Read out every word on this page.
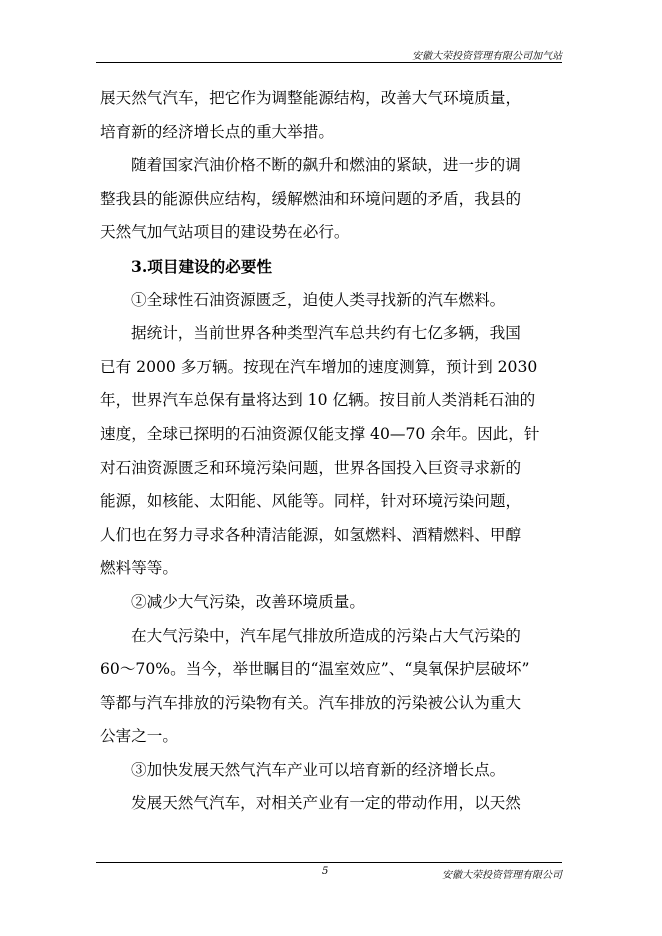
安徽大荣投资管理有限公司加气站
展天然气汽车，把它作为调整能源结构，改善大气环境质量，
培育新的经济增长点的重大举措。
随着国家汽油价格不断的飙升和燃油的紧缺，进一步的调
整我县的能源供应结构，缓解燃油和环境问题的矛盾，我县的
天然气加气站项目的建设势在必行。
3.项目建设的必要性
①全球性石油资源匮乏，迫使人类寻找新的汽车燃料。
据统计，当前世界各种类型汽车总共约有七亿多辆，我国
已有 2000 多万辆。按现在汽车增加的速度测算，预计到 2030
年，世界汽车总保有量将达到 10 亿辆。按目前人类消耗石油的
速度，全球已探明的石油资源仅能支撑 40—70 余年。因此，针
对石油资源匮乏和环境污染问题，世界各国投入巨资寻求新的
能源，如核能、太阳能、风能等。同样，针对环境污染问题，
人们也在努力寻求各种清洁能源，如氢燃料、酒精燃料、甲醇
燃料等等。
②减少大气污染，改善环境质量。
在大气污染中，汽车尾气排放所造成的污染占大气污染的
60～70%。当今，举世瞩目的“温室效应”、“臭氧保护层破坏”
等都与汽车排放的污染物有关。汽车排放的污染被公认为重大
公害之一。
③加快发展天然气汽车产业可以培育新的经济增长点。
发展天然气汽车，对相关产业有一定的带动作用，以天然
5	安徽大荣投资管理有限公司
